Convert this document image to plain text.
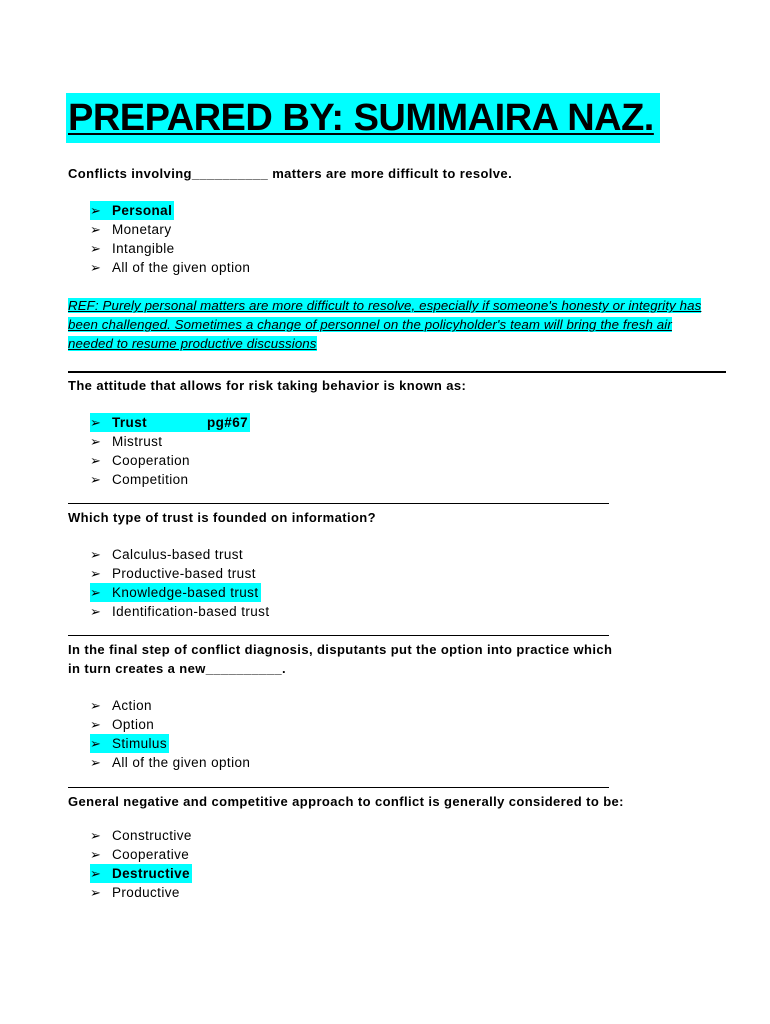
PREPARED BY: SUMMAIRA NAZ.
Conflicts involving__________ matters are more difficult to resolve.
➢ Personal
➢ Monetary
➢ Intangible
➢ All of the given option
REF: Purely personal matters are more difficult to resolve, especially if someone's honesty or integrity has been challenged. Sometimes a change of personnel on the policyholder's team will bring the fresh air needed to resume productive discussions
The attitude that allows for risk taking behavior is known as:
➢ Trust	pg#67
➢ Mistrust
➢ Cooperation
➢ Competition
Which type of trust is founded on information?
➢ Calculus-based trust
➢ Productive-based trust
➢ Knowledge-based trust
➢ Identification-based trust
In the final step of conflict diagnosis, disputants put the option into practice which
in turn creates a new__________.
➢ Action
➢ Option
➢ Stimulus
➢ All of the given option
General negative and competitive approach to conflict is generally considered to be:
➢ Constructive
➢ Cooperative
➢ Destructive
➢ Productive
